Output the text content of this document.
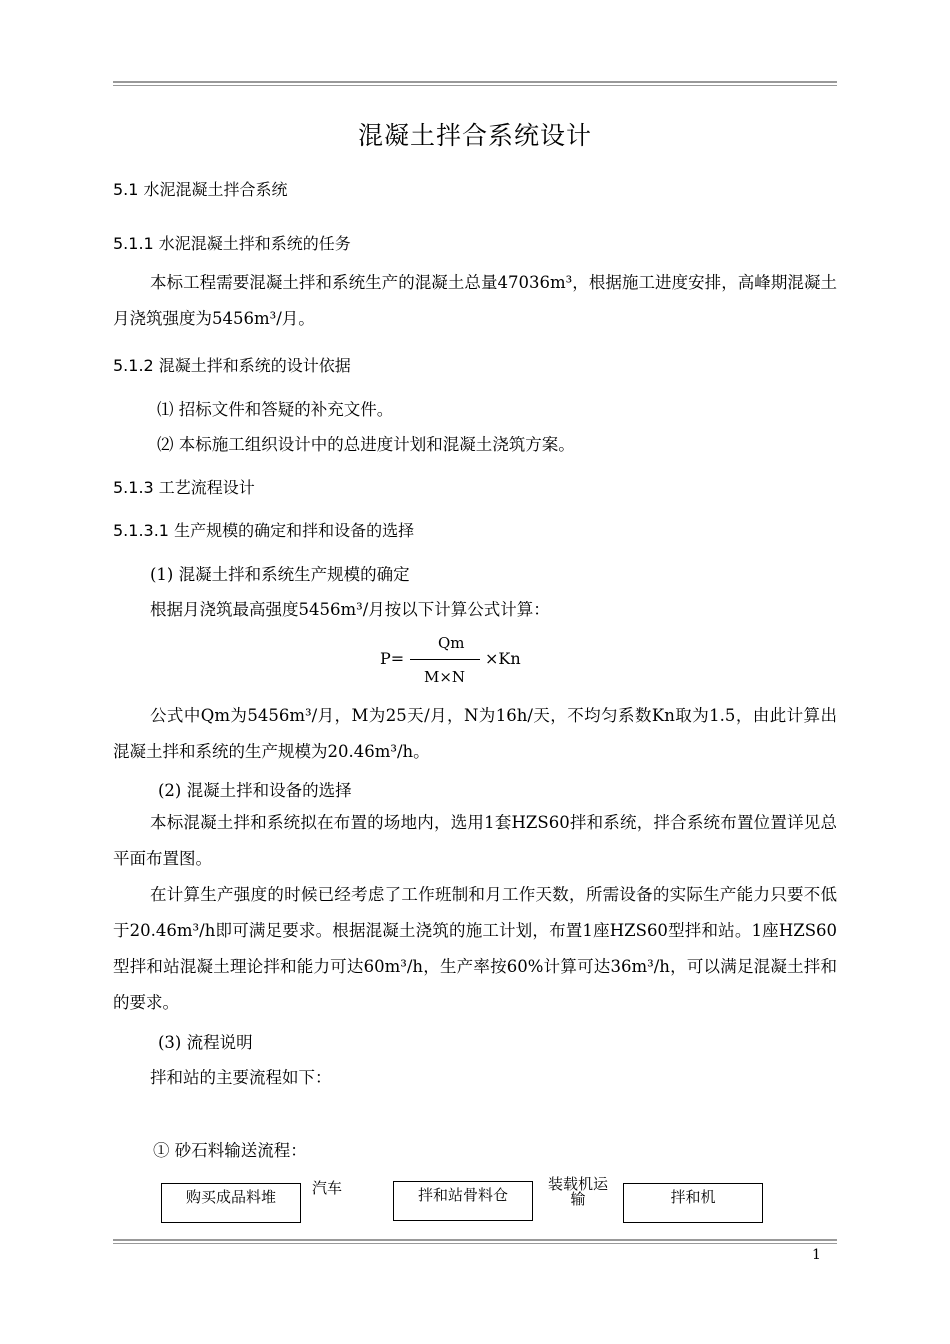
混凝土拌合系统设计
5.1 水泥混凝土拌合系统
5.1.1 水泥混凝土拌和系统的任务
本标工程需要混凝土拌和系统生产的混凝土总量47036m³，根据施工进度安排，高峰期混凝土月浇筑强度为5456m³/月。
5.1.2 混凝土拌和系统的设计依据
⑴ 招标文件和答疑的补充文件。
⑵ 本标施工组织设计中的总进度计划和混凝土浇筑方案。
5.1.3 工艺流程设计
5.1.3.1 生产规模的确定和拌和设备的选择
(1) 混凝土拌和系统生产规模的确定
根据月浇筑最高强度5456m³/月按以下计算公式计算：
P=
Qm
M×N
×Kn
公式中Qm为5456m³/月，M为25天/月，N为16h/天，不均匀系数Kn取为1.5，由此计算出混凝土拌和系统的生产规模为20.46m³/h。
(2) 混凝土拌和设备的选择
本标混凝土拌和系统拟在布置的场地内，选用1套HZS60拌和系统，拌合系统布置位置详见总平面布置图。
在计算生产强度的时候已经考虑了工作班制和月工作天数，所需设备的实际生产能力只要不低于20.46m³/h即可满足要求。根据混凝土浇筑的施工计划，布置1座HZS60型拌和站。1座HZS60型拌和站混凝土理论拌和能力可达60m³/h，生产率按60%计算可达36m³/h，可以满足混凝土拌和的要求。
(3) 流程说明
拌和站的主要流程如下：
① 砂石料输送流程：
购买成品料堆	汽车	拌和站骨料仓
装载机运输	拌和机
1
